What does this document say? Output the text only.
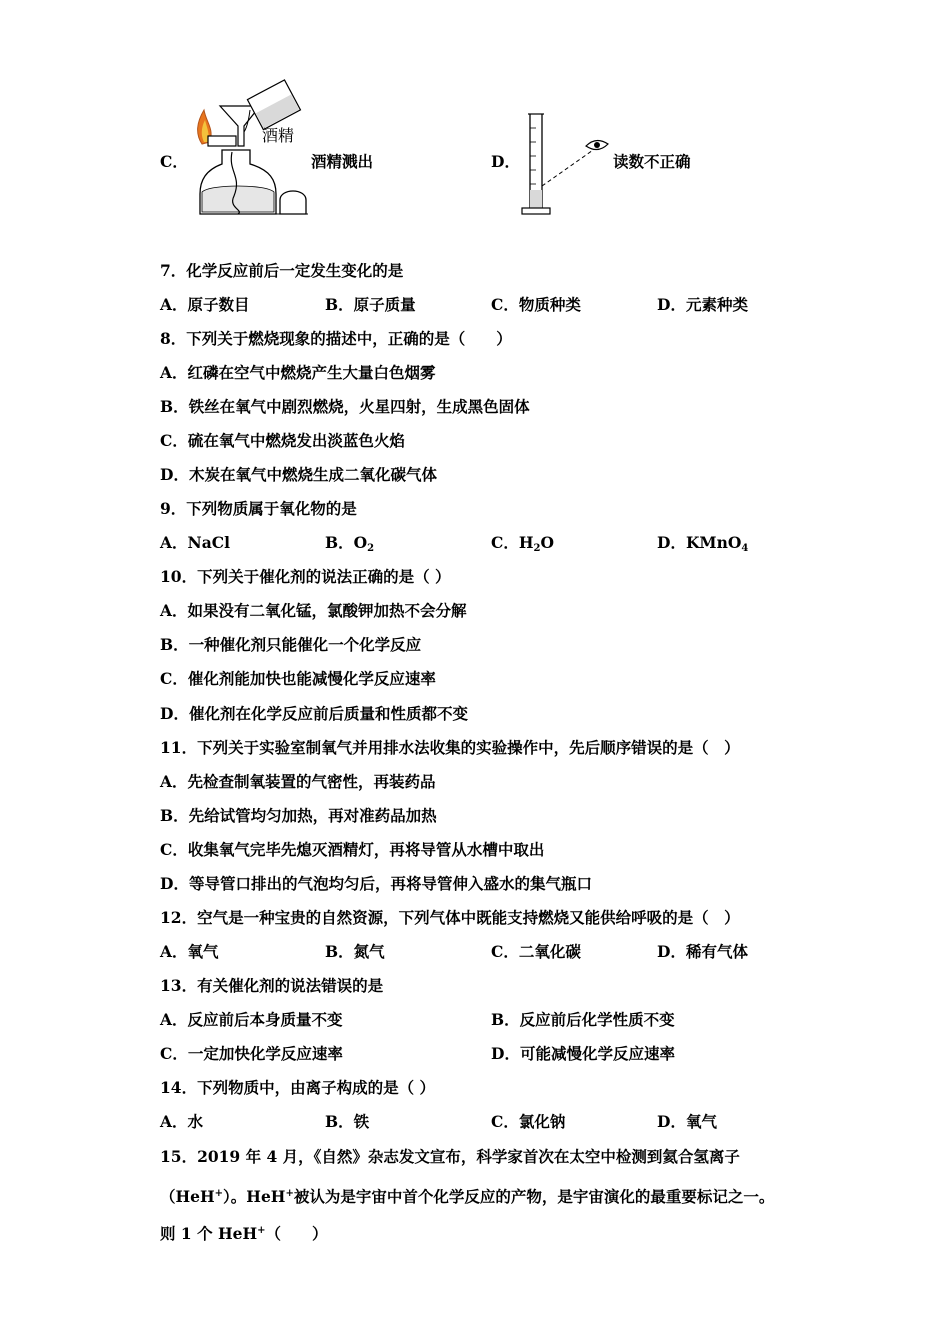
C．
酒精
酒精溅出	D．	读数不正确
7．化学反应前后一定发生变化的是
A．原子数目	B．原子质量	C．物质种类	D．元素种类
8．下列关于燃烧现象的描述中，正确的是（　　）
A．红磷在空气中燃烧产生大量白色烟雾
B．铁丝在氧气中剧烈燃烧，火星四射，生成黑色固体
C．硫在氧气中燃烧发出淡蓝色火焰
D．木炭在氧气中燃烧生成二氧化碳气体
9．下列物质属于氧化物的是
A．NaCl	B．$O_2$	C．$H_2O$	D．KMnO$_4$
10．下列关于催化剂的说法正确的是（ ）
A．如果没有二氧化锰，氯酸钾加热不会分解
B．一种催化剂只能催化一个化学反应
C．催化剂能加快也能减慢化学反应速率
D．催化剂在化学反应前后质量和性质都不变
11．下列关于实验室制氧气并用排水法收集的实验操作中，先后顺序错误的是（　）
A．先检查制氧装置的气密性，再装药品
B．先给试管均匀加热，再对准药品加热
C．收集氧气完毕先熄灭酒精灯，再将导管从水槽中取出
D．等导管口排出的气泡均匀后，再将导管伸入盛水的集气瓶口
12．空气是一种宝贵的自然资源，下列气体中既能支持燃烧又能供给呼吸的是（　）
A．氧气	B．氮气	C．二氧化碳	D．稀有气体
13．有关催化剂的说法错误的是
A．反应前后本身质量不变	B．反应前后化学性质不变
C．一定加快化学反应速率	D．可能减慢化学反应速率
14．下列物质中，由离子构成的是（ ）
A．水	B．铁	C．氯化钠	D．氧气
15．2019 年 4 月，《自然》杂志发文宣布，科学家首次在太空中检测到氦合氢离子
（HeH+）。HeH+被认为是宇宙中首个化学反应的产物，是宇宙演化的最重要标记之一。
则 1 个 HeH+（　　）
